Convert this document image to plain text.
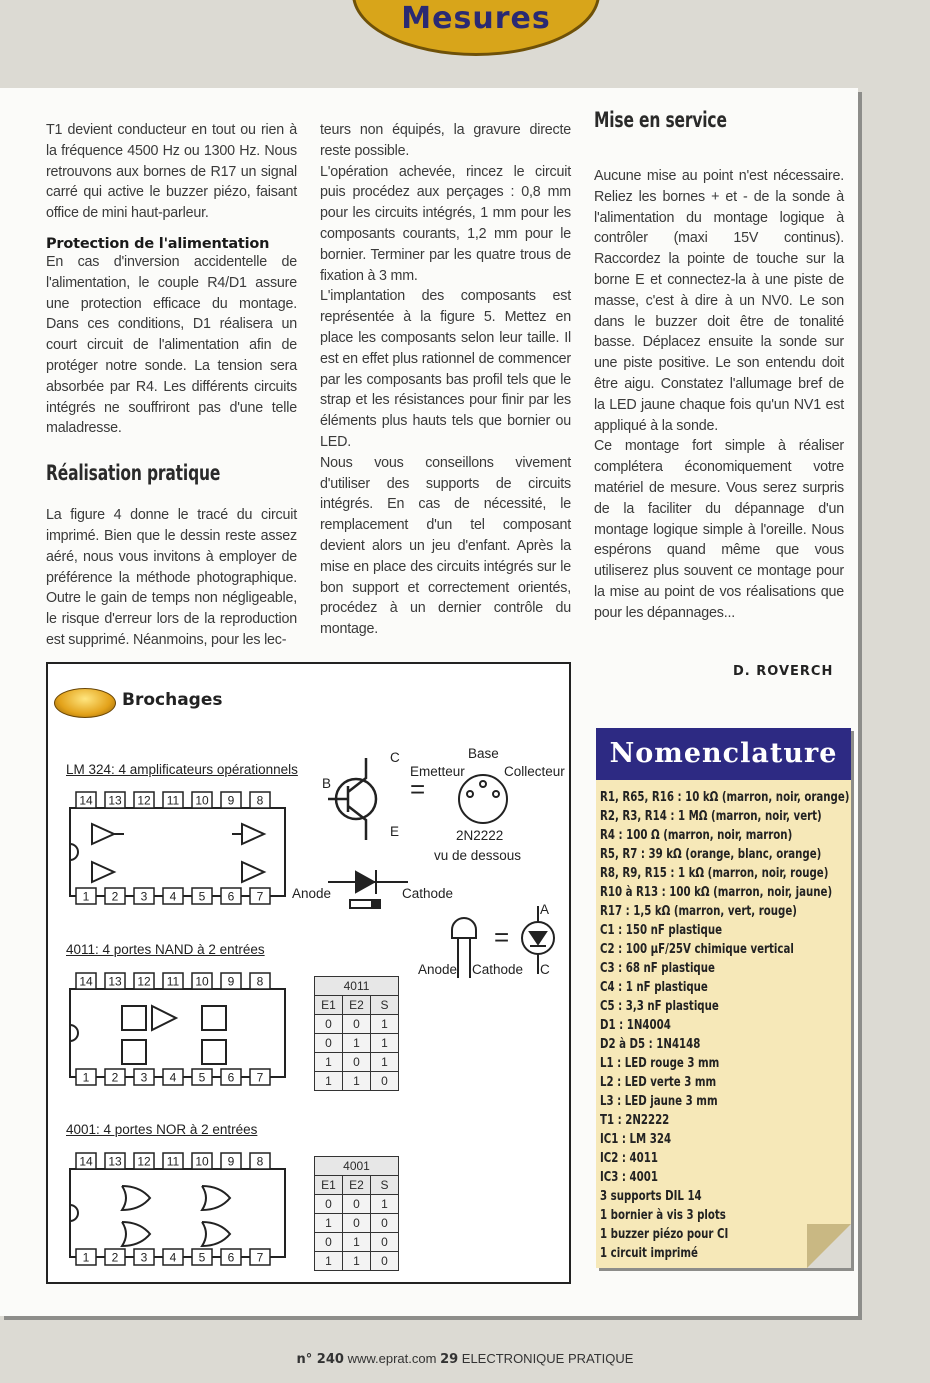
Mesures

T1 devient conducteur en tout ou rien à la fréquence 4500 Hz ou 1300 Hz. Nous retrouvons aux bornes de R17 un signal carré qui active le buzzer piézo, faisant office de mini haut-parleur.

Protection de l'alimentation

En cas d'inversion accidentelle de l'alimentation, le couple R4/D1 assure une protection efficace du montage. Dans ces conditions, D1 réalisera un court circuit de l'alimentation afin de protéger notre sonde. La tension sera absorbée par R4. Les différents circuits intégrés ne souffriront pas d'une telle maladresse.

Réalisation pratique

La figure 4 donne le tracé du circuit imprimé. Bien que le dessin reste assez aéré, nous vous invitons à employer de préférence la méthode photographique. Outre le gain de temps non négligeable, le risque d'erreur lors de la reproduction est supprimé. Néanmoins, pour les lec-

teurs non équipés, la gravure directe reste possible.

L'opération achevée, rincez le circuit puis procédez aux perçages : 0,8 mm pour les circuits intégrés, 1 mm pour les composants courants, 1,2 mm pour le bornier. Terminer par les quatre trous de fixation à 3 mm.

L'implantation des composants est représentée à la figure 5. Mettez en place les composants selon leur taille. Il est en effet plus rationnel de commencer par les composants bas profil tels que le strap et les résistances pour finir par les éléments plus hauts tels que bornier ou LED.

Nous vous conseillons vivement d'utiliser des supports de circuits intégrés. En cas de nécessité, le remplacement d'un tel composant devient alors un jeu d'enfant. Après la mise en place des circuits intégrés sur le bon support et correctement orientés, procédez à un dernier contrôle du montage.

Mise en service

Aucune mise au point n'est nécessaire. Reliez les bornes + et - de la sonde à l'alimentation du montage logique à contrôler (maxi 15V continus). Raccordez la pointe de touche sur la borne E et connectez-la à une piste de masse, c'est à dire à un NV0. Le son dans le buzzer doit être de tonalité basse. Déplacez ensuite la sonde sur une piste positive. Le son entendu doit être aigu. Constatez l'allumage bref de la LED jaune chaque fois qu'un NV1 est appliqué à la sonde.

Ce montage fort simple à réaliser complétera économiquement votre matériel de mesure. Vous serez surpris de la faciliter du dépannage d'un montage logique simple à l'oreille. Nous espérons quand même que vous utiliserez plus souvent ce montage pour la mise au point de vos réalisations que pour les dépannages...

D. ROVERCH
Brochages
LM 324: 4 amplificateurs opérationnels
4011: 4 portes NAND à 2 entrées
4001: 4 portes NOR à 2 entrées
14
1
13
2
12
3
11
4
10
5
9
6
8
7
14
1
13
2
12
3
11
4
10
5
9
6
8
7
14
1
13
2
12
3
11
4
10
5
9
6
8
7
B
C
E
=
Base
Emetteur	Collecteur
2N2222
vu de dessous
Anode	Cathode
=
Anode Cathode
A
C
4011		
E1	E2	S
0	0	1
0	1	1
1	0	1
1	1	0
4001		
E1	E2	S
0	0	1
1	0	0
0	1	0
1	1	0
Nomenclature
R1, R65, R16 : 10 kΩ (marron, noir, orange)
R2, R3, R14 : 1 MΩ (marron, noir, vert)
R4 : 100 Ω (marron, noir, marron)
R5, R7 : 39 kΩ (orange, blanc, orange)
R8, R9, R15 : 1 kΩ (marron, noir, rouge)
R10 à R13 : 100 kΩ (marron, noir, jaune)
R17 : 1,5 kΩ (marron, vert, rouge)
C1 : 150 nF plastique
C2 : 100 µF/25V chimique vertical
C3 : 68 nF plastique
C4 : 1 nF plastique
C5 : 3,3 nF plastique
D1 : 1N4004
D2 à D5 : 1N4148
L1 : LED rouge 3 mm
L2 : LED verte 3 mm
L3 : LED jaune 3 mm
T1 : 2N2222
IC1 : LM 324
IC2 : 4011
IC3 : 4001
3 supports DIL 14
1 bornier à vis 3 plots
1 buzzer piézo pour CI
1 circuit imprimé
n° 240 www.eprat.com 29 ELECTRONIQUE PRATIQUE
